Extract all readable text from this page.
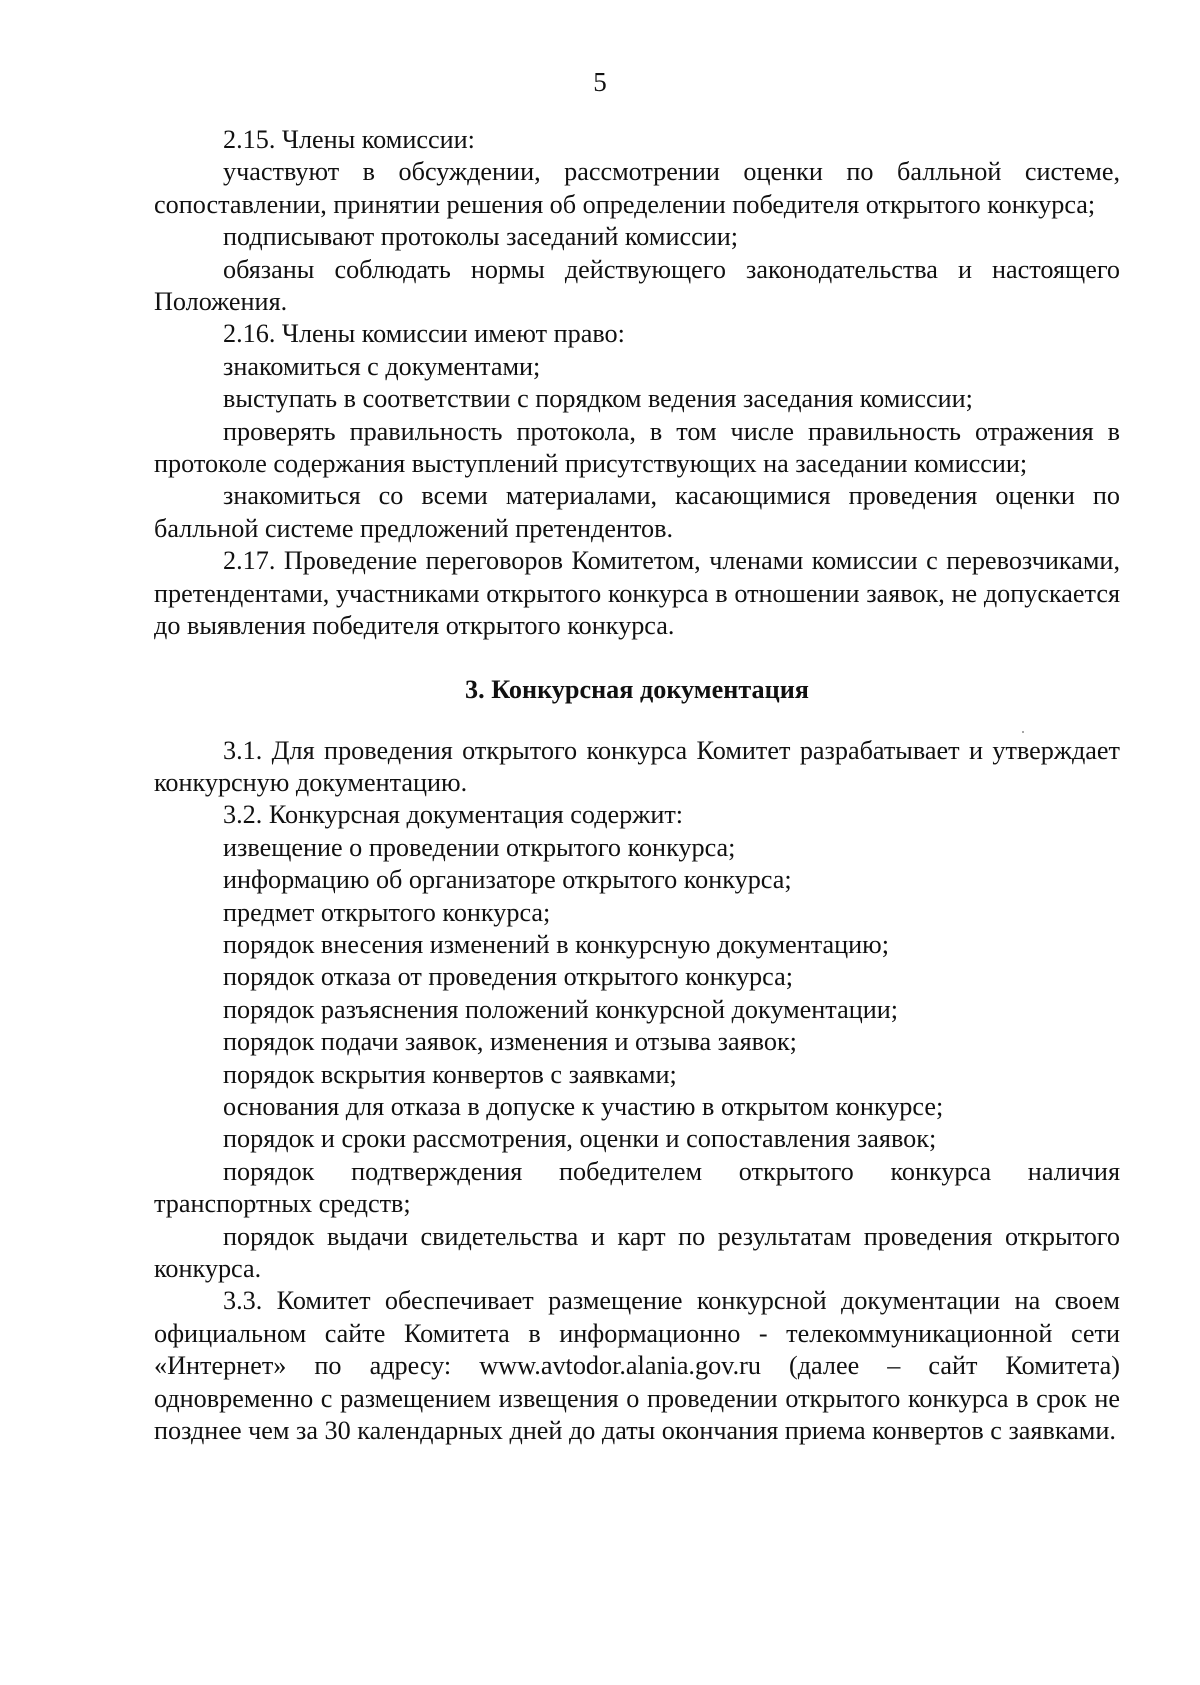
5

2.15. Члены комиссии:

участвуют в обсуждении, рассмотрении оценки по балльной системе, сопоставлении, принятии решения об определении победителя открытого конкурса;

подписывают протоколы заседаний комиссии;

обязаны соблюдать нормы действующего законодательства и настоящего Положения.

2.16. Члены комиссии имеют право:

знакомиться с документами;

выступать в соответствии с порядком ведения заседания комиссии;

проверять правильность протокола, в том числе правильность отражения в протоколе содержания выступлений присутствующих на заседании комиссии;

знакомиться со всеми материалами, касающимися проведения оценки по балльной системе предложений претендентов.

2.17. Проведение переговоров Комитетом, членами комиссии с перевозчиками, претендентами, участниками открытого конкурса в отношении заявок, не допускается до выявления победителя открытого конкурса.

3. Конкурсная документация

3.1. Для проведения открытого конкурса Комитет разрабатывает и утверждает конкурсную документацию.

3.2. Конкурсная документация содержит:

извещение о проведении открытого конкурса;

информацию об организаторе открытого конкурса;

предмет открытого конкурса;

порядок внесения изменений в конкурсную документацию;

порядок отказа от проведения открытого конкурса;

порядок разъяснения положений конкурсной документации;

порядок подачи заявок, изменения и отзыва заявок;

порядок вскрытия конвертов с заявками;

основания для отказа в допуске к участию в открытом конкурсе;

порядок и сроки рассмотрения, оценки и сопоставления заявок;

порядок подтверждения победителем открытого конкурса наличия транспортных средств;

порядок выдачи свидетельства и карт по результатам проведения открытого конкурса.

3.3. Комитет обеспечивает размещение конкурсной документации на своем официальном сайте Комитета в информационно - телекоммуникационной сети «Интернет» по адресу: www.avtodor.alania.gov.ru (далее – сайт Комитета) одновременно с размещением извещения о проведении открытого конкурса в срок не позднее чем за 30 календарных дней до даты окончания приема конвертов с заявками.
